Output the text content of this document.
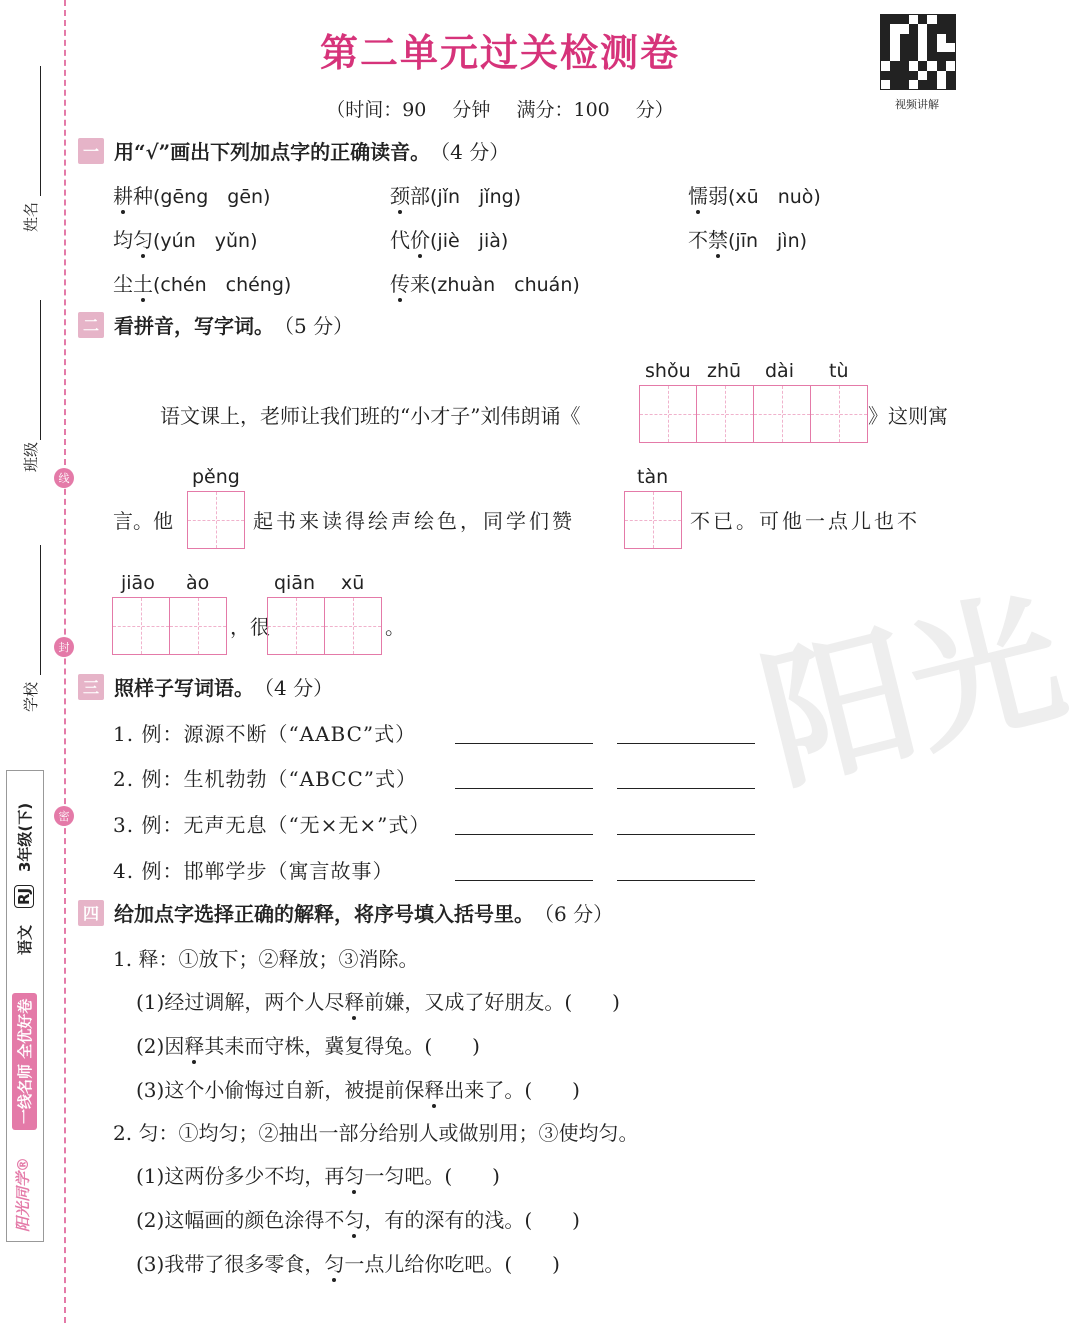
阳光
姓名
班级
学校
线
封
密
3年级(下)
RJ
语文
一线名师 全优好卷
阳光同学®
第二单元过关检测卷
（时间：90 分钟 满分：100 分）	视频讲解
一 用“√”画出下列加点字的正确读音。 （4 分）
耕种(gēng　gēn)	颈部(jǐn　jǐng)	懦弱(xū　nuò)
均匀(yún　yǔn)	代价(jiè　jià)	不禁(jīn　jìn)
尘土(chén　chéng)	传来(zhuàn　chuán)
二 看拼音，写字词。 （5 分）
shǒu zhū dài tù
语文课上，老师让我们班的“小才子”刘伟朗诵《	》这则寓
pěng	tàn
言。他	起书来读得绘声绘色，同学们赞	不已。可他一点儿也不
jiāo ào	qiān xū
，很	。
三 照样子写词语。 （4 分）
1. 例：源源不断（“AABC”式）
2. 例：生机勃勃（“ABCC”式）
3. 例：无声无息（“无×无×”式）
4. 例：邯郸学步（寓言故事）
四 给加点字选择正确的解释，将序号填入括号里。 （6 分）
1. 释：①放下；②释放；③消除。
(1)经过调解，两个人尽释前嫌，又成了好朋友。(　　)
(2)因释其耒而守株，冀复得兔。(　　)
(3)这个小偷悔过自新，被提前保释出来了。(　　)
2. 匀：①均匀；②抽出一部分给别人或做别用；③使均匀。
(1)这两份多少不均，再匀一匀吧。(　　)
(2)这幅画的颜色涂得不匀，有的深有的浅。(　　)
(3)我带了很多零食，匀一点儿给你吃吧。(　　)
